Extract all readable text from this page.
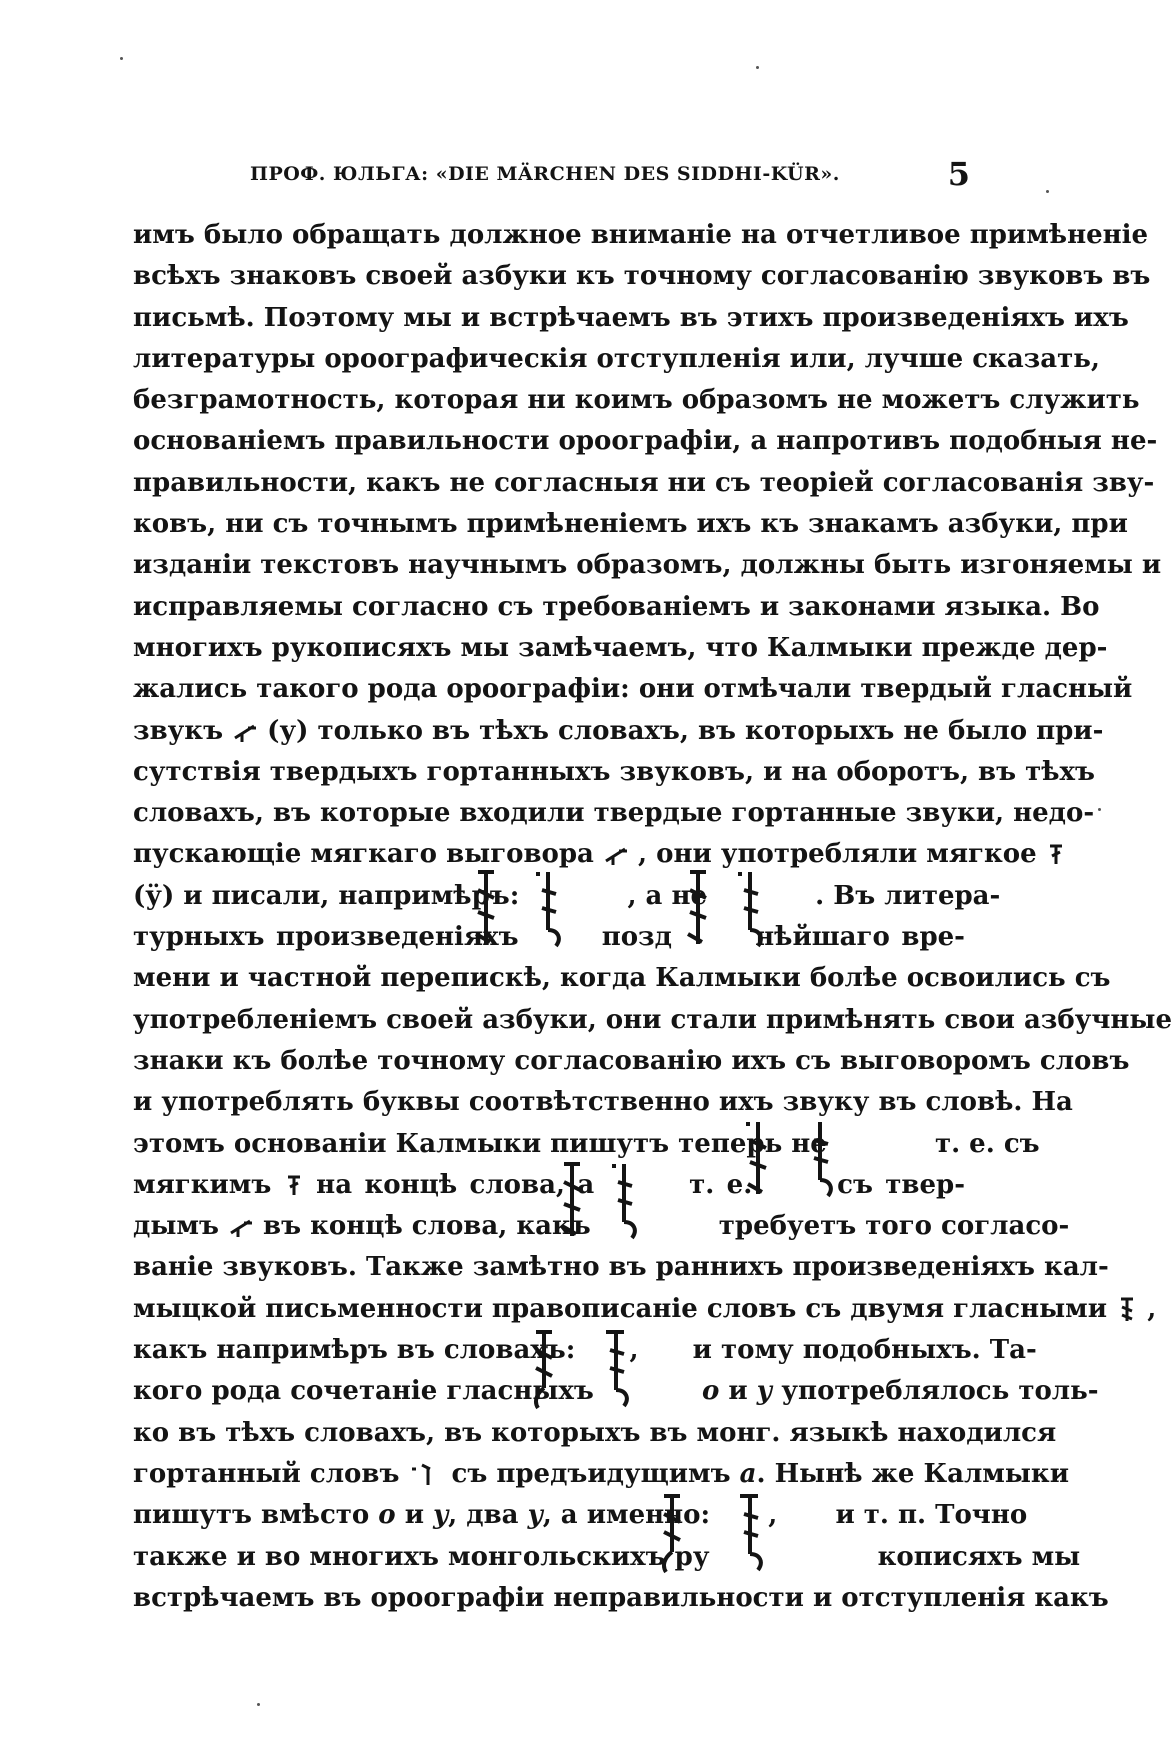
ПРОФ. ЮЛЬГА: «DIE MÄRCHEN DES SIDDHI-KÜR».	5
имъ было обращать должное вниманіе на отчетливое примѣненіе
всѣхъ знаковъ своей азбуки къ точному согласованію звуковъ въ
письмѣ. Поэтому мы и встрѣчаемъ въ этихъ произведеніяхъ ихъ
литературы ороографическія отступленія или, лучше сказать,
безграмотность, которая ни коимъ образомъ не можетъ служить
основаніемъ правильности ороографіи, а напротивъ подобныя не-
правильности, какъ не согласныя ни съ теоріей согласованія зву-
ковъ, ни съ точнымъ примѣненіемъ ихъ къ знакамъ азбуки, при
изданіи текстовъ научнымъ образомъ, должны быть изгоняемы и
исправляемы согласно съ требованіемъ и законами языка. Во
многихъ рукописяхъ мы замѣчаемъ, что Калмыки прежде дер-
жались такого рода ороографіи: они отмѣчали твердый гласный
звукъ (у) только въ тѣхъ словахъ, въ которыхъ не было при-
сутствія твердыхъ гортанныхъ звуковъ, и на оборотъ, въ тѣхъ
словахъ, въ которые входили твердые гортанные звуки, недо-
пускающіе мягкаго выговора , они употребляли мягкое
(ӱ) и писали, напримѣръ:	, а не	. Въ литера-
турныхъ произведеніяхъ	позд	нѣйшаго вре-
мени и частной перепискѣ, когда Калмыки болѣе освоились съ
употребленіемъ своей азбуки, они стали примѣнять свои азбучные
знаки къ болѣе точному согласованію ихъ съ выговоромъ словъ
и употреблять буквы соотвѣтственно ихъ звуку въ словѣ. На
этомъ основаніи Калмыки пишутъ теперь не	т. е. съ
мягкимъ на концѣ слова, а	т. е.	съ твер-
дымъ въ концѣ слова, какъ	требуетъ того согласо-
ваніе звуковъ. Также замѣтно въ раннихъ произведеніяхъ кал-
мыцкой письменности правописаніе словъ съ двумя гласными ,
какъ напримѣръ въ словахъ: , и тому подобныхъ. Та-
кого рода сочетаніе гласныхъ	о и у употреблялось толь-
ко въ тѣхъ словахъ, въ которыхъ въ монг. языкѣ находился
гортанный словъ съ предъидущимъ a. Нынѣ же Калмыки
пишутъ вмѣсто o и y, два y, а именно: , и т. п. Точно
также и во многихъ монгольскихъ ру	кописяхъ мы
встрѣчаемъ въ ороографіи неправильности и отступленія какъ
